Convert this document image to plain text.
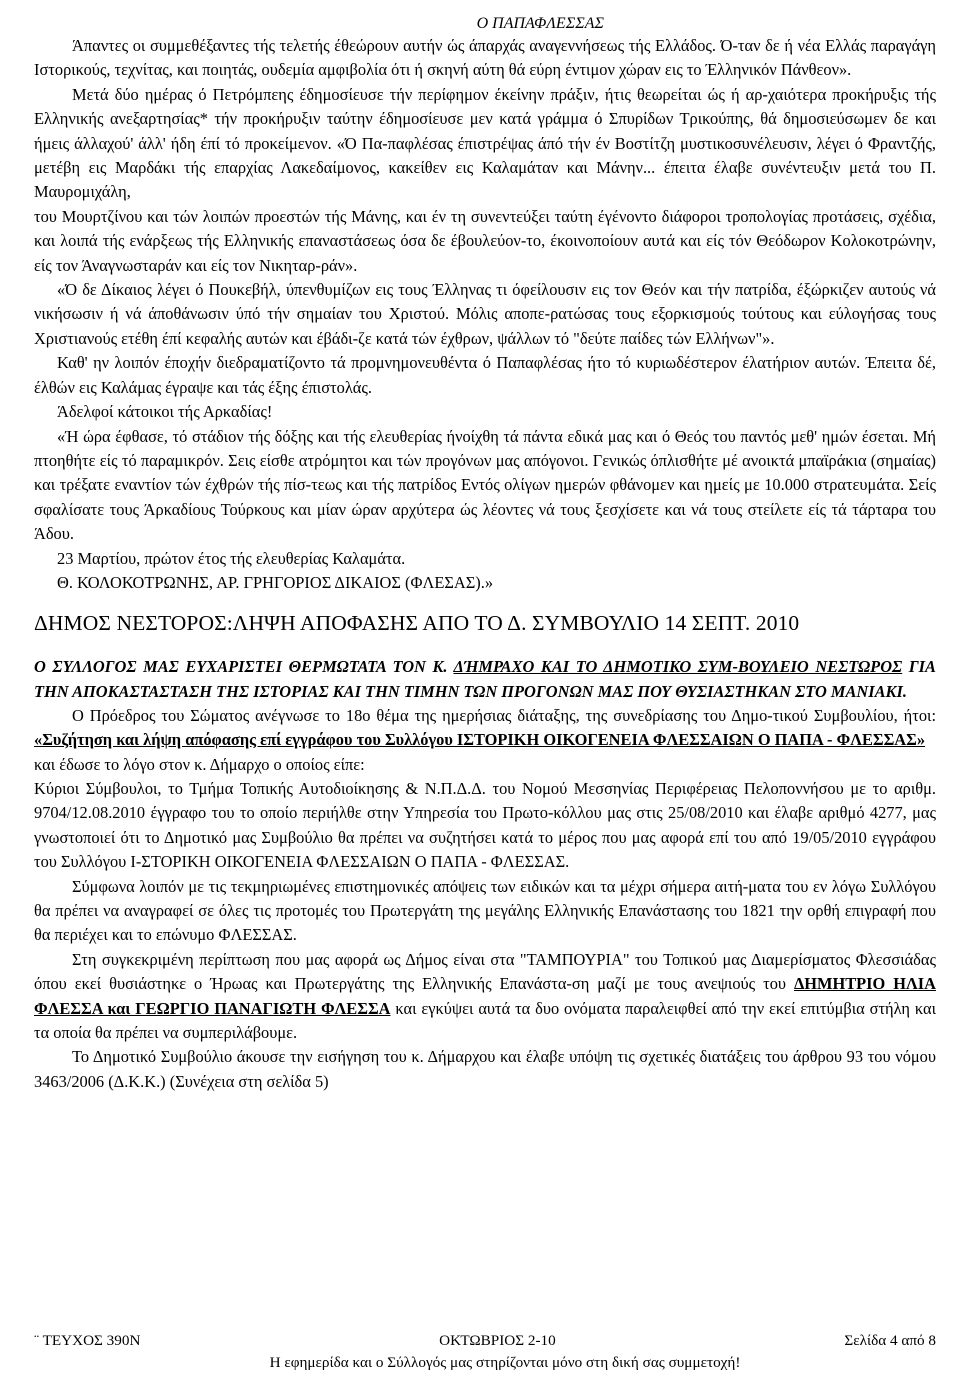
Ο ΠΑΠΑΦΛΕΣΣΑΣ

Άπαντες οι συμμεθέξαντες τής τελετής έθεώρουν αυτήν ώς άπαρχάς αναγεννήσεως τής Ελλάδος. Ό-ταν δε ή νέα Ελλάς παραγάγη Ιστορικούς, τεχνίτας, και ποιητάς, ουδεμία αμφιβολία ότι ή σκηνή αύτη θά εύρη έντιμον χώραν εις το Έλληνικόν Πάνθεον».

Μετά δύο ημέρας ό Πετρόμπεης έδημοσίευσε τήν περίφημον έκείνην πράξιν, ήτις θεωρείται ώς ή αρ-χαιότερα προκήρυξις τής Ελληνικής ανεξαρτησίας* τήν προκήρυξιν ταύτην έδημοσίευσε μεν κατά γράμμα ό Σπυρίδων Τρικούπης, θά δημοσιεύσωμεν δε και ήμεις άλλαχού' άλλ' ήδη έπί τό προκείμενον. «Ό Πα-παφλέσας έπιστρέψας άπό τήν έν Βοστίτζη μυστικοσυνέλευσιν, λέγει ό Φραντζής, μετέβη εις Μαρδάκι τής επαρχίας Λακεδαίμονος, κακείθεν εις Καλαμάταν και Μάνην... έπειτα έλαβε συνέντευξιν μετά του Π. Μαυρομιχάλη,

του Μουρτζίνου και τών λοιπών προεστών τής Μάνης, και έν τη συνεντεύξει ταύτη έγένοντο διάφοροι τροπολογίας προτάσεις, σχέδια, και λοιπά τής ενάρξεως τής Ελληνικής επαναστάσεως όσα δε έβουλεύον-το, έκοινοποίουν αυτά και είς τόν Θεόδωρον Κολοκοτρώνην, είς τον Άναγνωσταράν και είς τον Νικηταρ-ράν».

«Ό δε Δίκαιος λέγει ό Πουκεβήλ, ύπενθυμίζων εις τους Έλληνας τι όφείλουσιν εις τον Θεόν και τήν πατρίδα, έξώρκιζεν αυτούς νά νικήσωσιν ή νά άποθάνωσιν ύπό τήν σημαίαν του Χριστού. Μόλις αποπε-ρατώσας τους εξορκισμούς τούτους και εύλογήσας τους Χριστιανούς ετέθη έπί κεφαλής αυτών και έβάδι-ζε κατά τών έχθρων, ψάλλων τό "δεύτε παίδες τών Ελλήνων"».

Καθ' ην λοιπόν έποχήν διεδραματίζοντο τά προμνημονευθέντα ό Παπαφλέσας ήτο τό κυριωδέστερον έλατήριον αυτών. Έπειτα δέ, έλθών εις Καλάμας έγραψε και τάς έξης έπιστολάς.

Άδελφοί κάτοικοι τής Αρκαδίας!

«Ή ώρα έφθασε, τό στάδιον τής δόξης και τής ελευθερίας ήνοίχθη τά πάντα εδικά μας και ό Θεός του παντός μεθ' ημών έσεται. Μή πτοηθήτε είς τό παραμικρόν. Σεις είσθε ατρόμητοι και τών προγόνων μας απόγονοι. Γενικώς όπλισθήτε μέ ανοικτά μπαϊράκια (σημαίας) και τρέξατε εναντίον τών έχθρών τής πίσ-τεως και τής πατρίδος Εντός ολίγων ημερών φθάνομεν και ημείς με 10.000 στρατευμάτα. Σείς σφαλίσατε τους Άρκαδίους Τούρκους και μίαν ώραν αρχύτερα ώς λέοντες νά τους ξεσχίσετε και νά τους στείλετε είς τά τάρταρα του Άδου.

23 Μαρτίου, πρώτον έτος τής ελευθερίας Καλαμάτα.

Θ. ΚΟΛΟΚΟΤΡΩΝΗΣ, ΑΡ. ΓΡΗΓΟΡΙΟΣ ΔΙΚΑΙΟΣ (ΦΛΕΣΑΣ).»

ΔΗΜΟΣ ΝΕΣΤΟΡΟΣ:ΛΗΨΗ ΑΠΟΦΑΣΗΣ ΑΠΟ ΤΟ Δ. ΣΥΜΒΟΥΛΙΟ 14 ΣΕΠΤ. 2010

Ο ΣΥΛΛΟΓΟΣ ΜΑΣ ΕΥΧΑΡΙΣΤΕΙ ΘΕΡΜΩΤΑΤΑ ΤΟΝ Κ. ΔΉΜΡΑΧΟ ΚΑΙ ΤΟ ΔΗΜΟΤΙΚΟ ΣΥΜ-ΒΟΥΛΕΙΟ ΝΕΣΤΩΡΟΣ ΓΙΑ ΤΗΝ ΑΠΟΚΑΣΤΑΣΤΑΣΗ ΤΗΣ ΙΣΤΟΡΙΑΣ ΚΑΙ ΤΗΝ ΤΙΜΗΝ ΤΩΝ ΠΡΟΓΟΝΩΝ ΜΑΣ ΠΟΥ ΘΥΣΙΑΣΤΗΚΑΝ ΣΤΟ ΜΑΝΙΑΚΙ.

Ο Πρόεδρος του Σώματος ανέγνωσε το 18ο θέμα της ημερήσιας διάταξης, της συνεδρίασης του Δημο-τικού Συμβουλίου, ήτοι: «Συζήτηση και λήψη απόφασης επί εγγράφου του Συλλόγου ΙΣΤΟΡΙΚΗ ΟΙΚΟΓΕΝΕΙΑ ΦΛΕΣΣΑΙΩΝ Ο ΠΑΠΑ - ΦΛΕΣΣΑΣ»

και έδωσε το λόγο στον κ. Δήμαρχο ο οποίος είπε:

Κύριοι Σύμβουλοι, το Τμήμα Τοπικής Αυτοδιοίκησης & Ν.Π.Δ.Δ. του Νομού Μεσσηνίας Περιφέρειας Πελοποννήσου με το αριθμ. 9704/12.08.2010 έγγραφο του το οποίο περιήλθε στην Υπηρεσία του Πρωτο-κόλλου μας στις 25/08/2010 και έλαβε αριθμό 4277, μας γνωστοποιεί ότι το Δημοτικό μας Συμβούλιο θα πρέπει να συζητήσει κατά το μέρος που μας αφορά επί του από 19/05/2010 εγγράφου του Συλλόγου Ι-ΣΤΟΡΙΚΗ ΟΙΚΟΓΕΝΕΙΑ ΦΛΕΣΣΑΙΩΝ Ο ΠΑΠΑ - ΦΛΕΣΣΑΣ.

Σύμφωνα λοιπόν με τις τεκμηριωμένες επιστημονικές απόψεις των ειδικών και τα μέχρι σήμερα αιτή-ματα του εν λόγω Συλλόγου θα πρέπει να αναγραφεί σε όλες τις προτομές του Πρωτεργάτη της μεγάλης Ελληνικής Επανάστασης του 1821 την ορθή επιγραφή που θα περιέχει και το επώνυμο ΦΛΕΣΣΑΣ.

Στη συγκεκριμένη περίπτωση που μας αφορά ως Δήμος είναι στα "ΤΑΜΠΟΥΡΙΑ" του Τοπικού μας Διαμερίσματος Φλεσσιάδας όπου εκεί θυσιάστηκε ο Ήρωας και Πρωτεργάτης της Ελληνικής Επανάστα-ση μαζί με τους ανεψιούς του ΔΗΜΗΤΡΙΟ ΗΛΙΑ ΦΛΕΣΣΑ και ΓΕΩΡΓΙΟ ΠΑΝΑΓΙΩΤΗ ΦΛΕΣΣΑ και εγκύψει αυτά τα δυο ονόματα παραλειφθεί από την εκεί επιτύμβια στήλη και τα οποία θα πρέπει να συμπεριλάβουμε.

Το Δημοτικό Συμβούλιο άκουσε την εισήγηση του κ. Δήμαρχου και έλαβε υπόψη τις σχετικές διατάξεις του άρθρου 93 του νόμου 3463/2006 (Δ.Κ.Κ.) (Συνέχεια στη σελίδα 5)

¨ ΤΕΥΧΟΣ 390Ν	ΟΚΤΩΒΡΙΟΣ 2-10	Σελίδα 4 από 8
Η εφημερίδα και ο Σύλλογός μας στηρίζονται μόνο στη δική σας συμμετοχή!
